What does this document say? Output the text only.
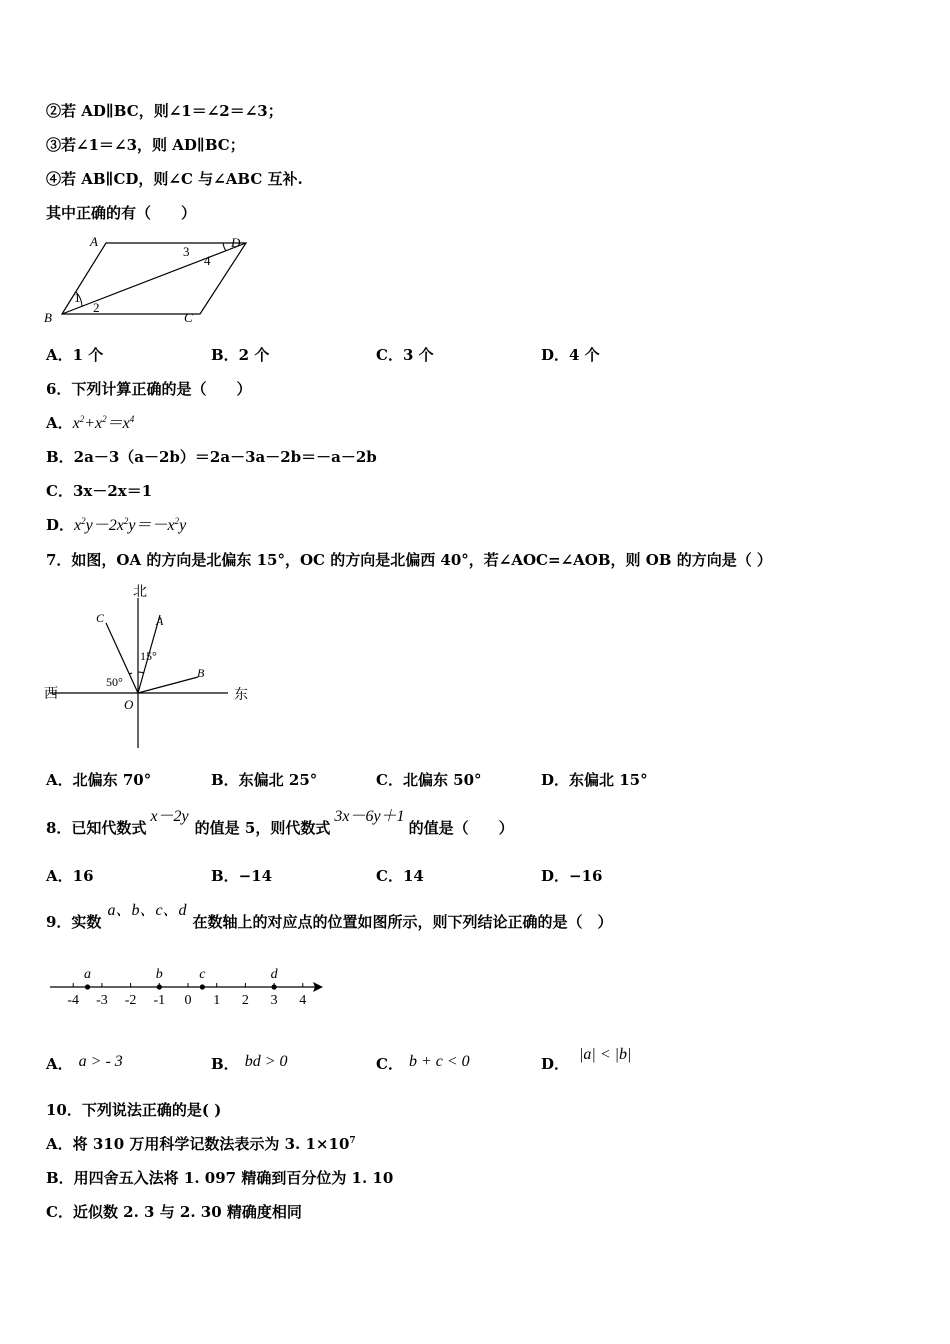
②若 AD∥BC，则∠1＝∠2＝∠3；
③若∠1＝∠3，则 AD∥BC；
④若 AB∥CD，则∠C 与∠ABC 互补.
其中正确的有（　　）
A
B	C
D
1
2
3
4
A．1 个	B．2 个	C．3 个	D．4 个
6．下列计算正确的是（　　）
A．$x^2+x^2=x^4$
B．2a－3（a－2b）＝2a－3a－2b＝－a－2b
C．3x－2x＝1
D．$x^2y-2x^2y=-x^2y$
7．如图，OA 的方向是北偏东 15°，OC 的方向是北偏西 40°，若∠AOC=∠AOB，则 OB 的方向是（ ）
北
西	东
O
A
C
B
15°
50°
A．北偏东 70°	B．东偏北 25°	C．北偏东 50°	D．东偏北 15°
8．已知代数式x－2y的值是 5，则代数式3x－6y＋1的值是（　　）
A．16	B．−14	C．14	D．−16
9．实数a、b、c、d在数轴上的对应点的位置如图所示，则下列结论正确的是（　）
-4 -3 -2 -1 0 1 2 3 4
a	b	c	d
A． a > - 3	B． bd > 0	C． b + c < 0	D．|a| < |b|
10．下列说法正确的是( )
A．将 310 万用科学记数法表示为 3. $1\times 10^7$
B．用四舍五入法将 1. 097 精确到百分位为 1. 10
C．近似数 2. 3 与 2. 30 精确度相同
